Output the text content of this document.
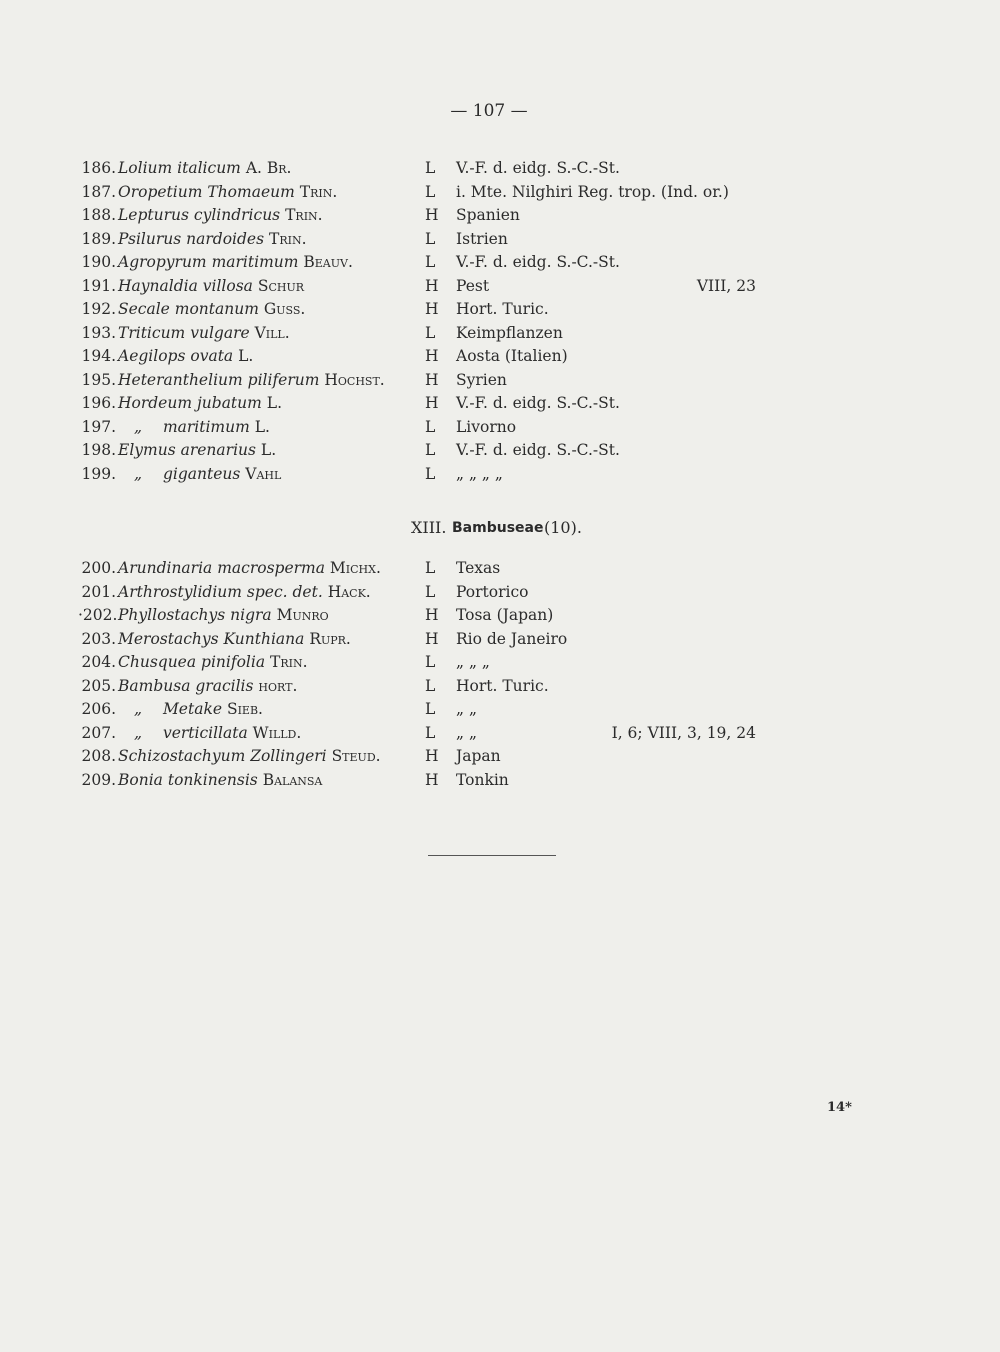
— 107 —
186. Lolium italicum A. Br.	L V.-F. d. eidg. S.-C.-St.
187. Oropetium Thomaeum Trin.	L i. Mte. Nilghiri Reg. trop. (Ind. or.)
188. Lepturus cylindricus Trin.	H Spanien
189. Psilurus nardoides Trin.	L Istrien
190. Agropyrum maritimum Beauv.	L V.-F. d. eidg. S.-C.-St.
191. Haynaldia villosa Schur	H Pest	VIII, 23
192. Secale montanum Guss.	H Hort. Turic.
193. Triticum vulgare Vill.	L Keimpflanzen
194. Aegilops ovata L.	H Aosta (Italien)
195. Heteranthelium piliferum Hochst.	H Syrien
196. Hordeum jubatum L.	H V.-F. d. eidg. S.-C.-St.
197.	„ maritimum L.	L Livorno
198. Elymus arenarius L.	L V.-F. d. eidg. S.-C.-St.
199.	„ giganteus Vahl	L „ „ „ „
XIII. Bambuseae (10).
200. Arundinaria macrosperma Michx.	L Texas
201. Arthrostylidium spec. det. Hack.	L Portorico
·202. Phyllostachys nigra Munro	H Tosa (Japan)
203. Merostachys Kunthiana Rupr.	H Rio de Janeiro
204. Chusquea pinifolia Trin.	L „ „ „
205. Bambusa gracilis hort.	L Hort. Turic.
206.	„ Metake Sieb.	L „ „
207.	„ verticillata Willd.	L „ „	I, 6; VIII, 3, 19, 24
208. Schizostachyum Zollingeri Steud.	H Japan
209. Bonia tonkinensis Balansa	H Tonkin
14*
